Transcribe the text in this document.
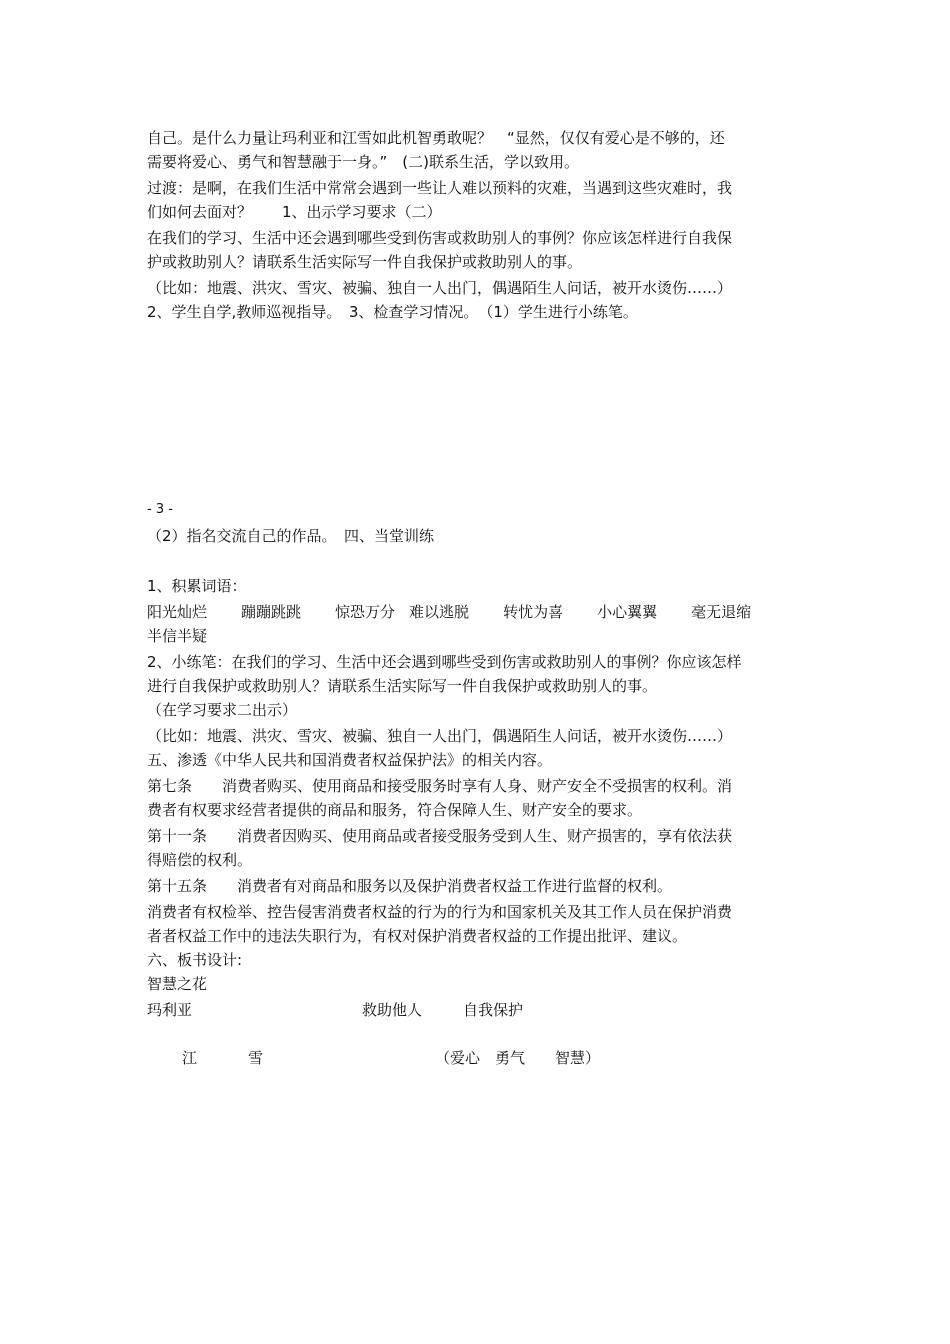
自己。是什么力量让玛利亚和江雪如此机智勇敢呢？　“显然，仅仅有爱心是不够的，还
需要将爱心、勇气和智慧融于一身。”　(二)联系生活，学以致用。
过渡：是啊，在我们生活中常常会遇到一些让人难以预料的灾难，当遇到这些灾难时，我
们如何去面对？　　1、出示学习要求（二）
在我们的学习、生活中还会遇到哪些受到伤害或救助别人的事例？你应该怎样进行自我保
护或救助别人？请联系生活实际写一件自我保护或救助别人的事。
（比如：地震、洪灾、雪灾、被骗、独自一人出门，偶遇陌生人问话，被开水烫伤……）
2、学生自学,教师巡视指导。　3、检查学习情况。　（1）学生进行小练笔。
- 3 -
（2）指名交流自己的作品。　四、当堂训练
1、积累词语：
阳光灿烂 蹦蹦跳跳 惊恐万分 难以逃脱 转忧为喜 小心翼翼 毫无退缩
半信半疑
2、小练笔：在我们的学习、生活中还会遇到哪些受到伤害或救助别人的事例？你应该怎样
进行自我保护或救助别人？请联系生活实际写一件自我保护或救助别人的事。
（在学习要求二出示）
（比如：地震、洪灾、雪灾、被骗、独自一人出门，偶遇陌生人问话，被开水烫伤……）
五、渗透《中华人民共和国消费者权益保护法》的相关内容。
第七条　　消费者购买、使用商品和接受服务时享有人身、财产安全不受损害的权利。消
费者有权要求经营者提供的商品和服务，符合保障人生、财产安全的要求。
第十一条　　消费者因购买、使用商品或者接受服务受到人生、财产损害的，享有依法获
得赔偿的权利。
第十五条　　消费者有对商品和服务以及保护消费者权益工作进行监督的权利。
消费者有权检举、控告侵害消费者权益的行为的行为和国家机关及其工作人员在保护消费
者者权益工作中的违法失职行为，有权对保护消费者权益的工作提出批评、建议。
六、板书设计:
智慧之花
玛利亚	救助他人	自我保护
江	雪	（爱心　勇气　　智慧）
